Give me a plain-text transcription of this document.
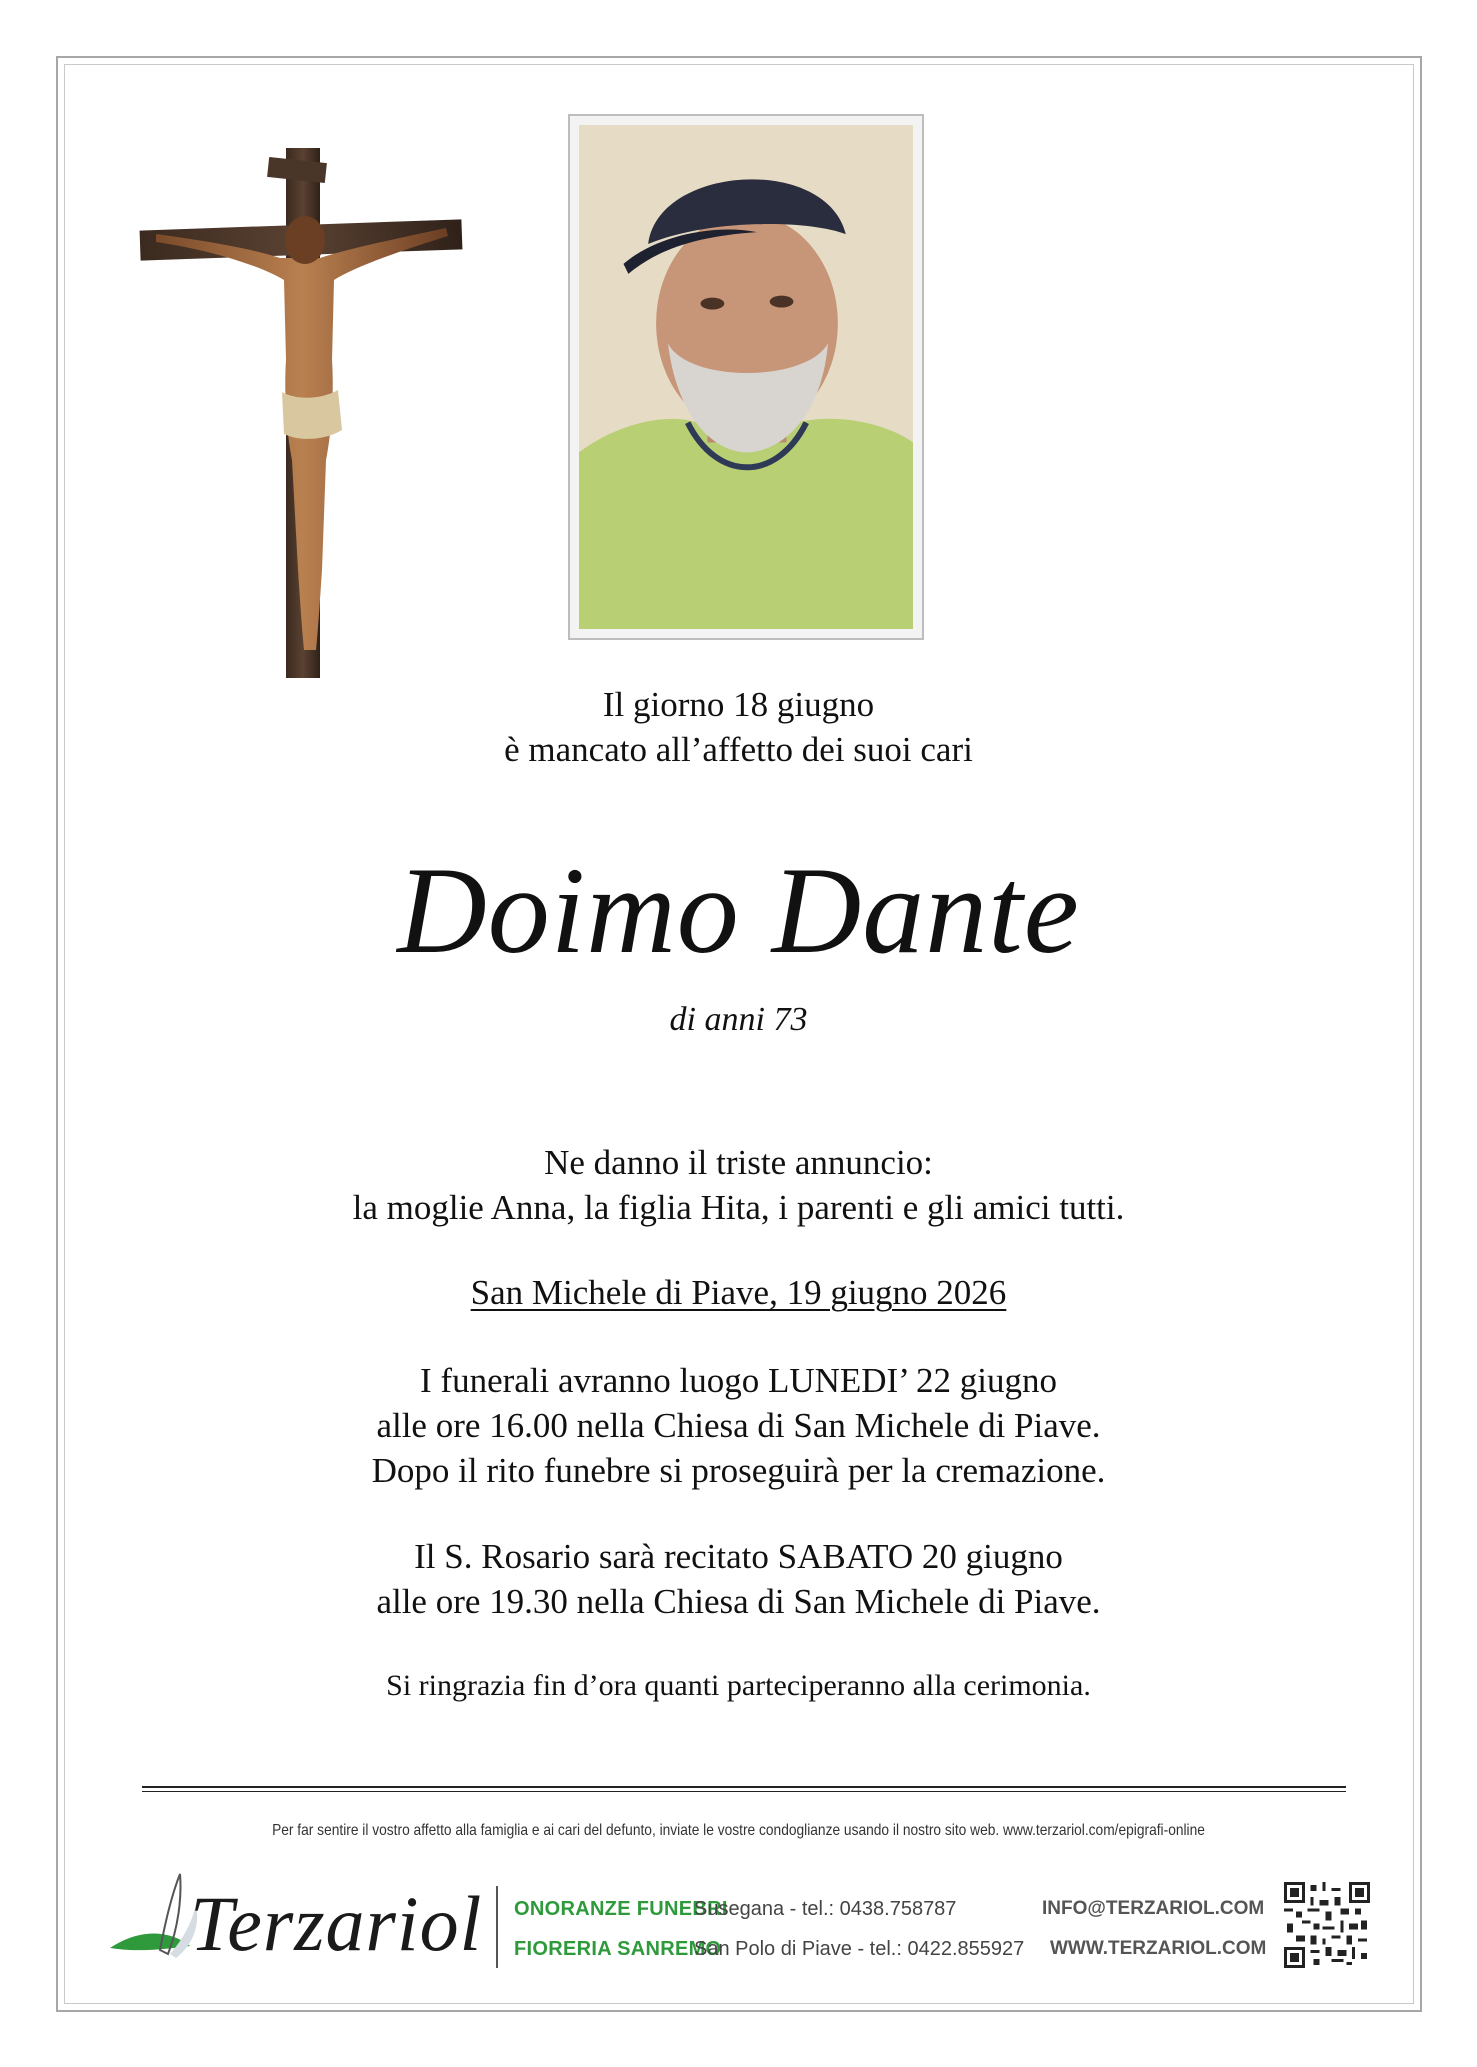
Il giorno 18 giugno
è mancato all’affetto dei suoi cari
Doimo Dante
di anni 73
Ne danno il triste annuncio:
la moglie Anna, la figlia Hita, i parenti e gli amici tutti.
San Michele di Piave, 19 giugno 2026
I funerali avranno luogo LUNEDI’ 22 giugno
alle ore 16.00 nella Chiesa di San Michele di Piave.
Dopo il rito funebre si proseguirà per la cremazione.
Il S. Rosario sarà recitato SABATO 20 giugno
alle ore 19.30 nella Chiesa di San Michele di Piave.
Si ringrazia fin d’ora quanti parteciperanno alla cerimonia.
Per far sentire il vostro affetto alla famiglia e ai cari del defunto, inviate le vostre condoglianze usando il nostro sito web. www.terzariol.com/epigrafi-online
Terzariol ONORANZE FUNEBRI
FIORERIA SANREMO
Susegana - tel.: 0438.758787
San Polo di Piave - tel.: 0422.855927
INFO@TERZARIOL.COM
WWW.TERZARIOL.COM
